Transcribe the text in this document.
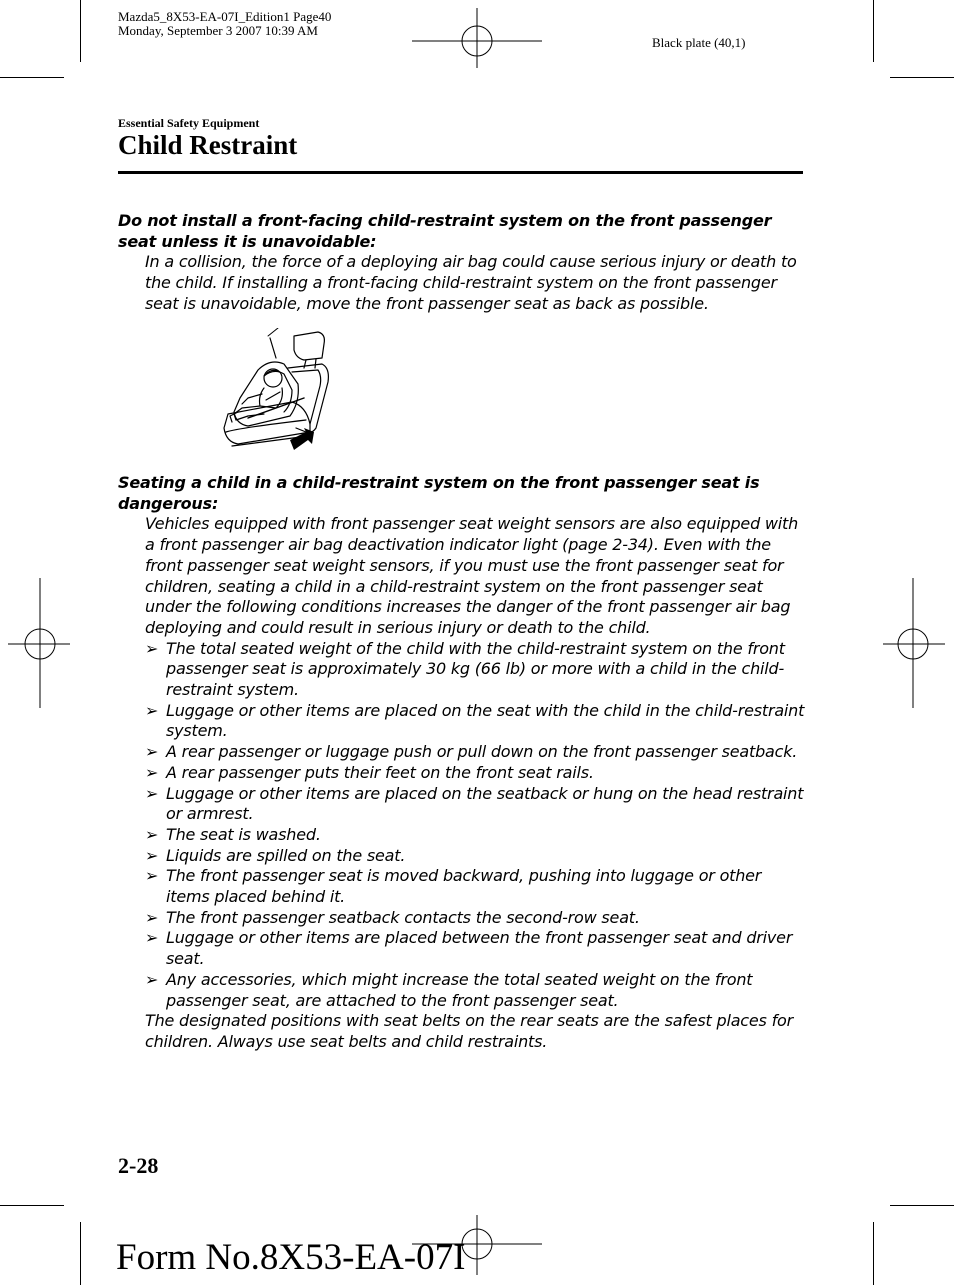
Mazda5_8X53-EA-07I_Edition1 Page40
Monday, September 3 2007 10:39 AM
Black plate (40,1)
Essential Safety Equipment
Child Restraint
Do not install a front-facing child-restraint system on the front passenger seat unless it is unavoidable:
In a collision, the force of a deploying air bag could cause serious injury or death to the child. If installing a front-facing child-restraint system on the front passenger seat is unavoidable, move the front passenger seat as back as possible.
Seating a child in a child-restraint system on the front passenger seat is dangerous:
Vehicles equipped with front passenger seat weight sensors are also equipped with a front passenger air bag deactivation indicator light (page 2-34). Even with the front passenger seat weight sensors, if you must use the front passenger seat for children, seating a child in a child-restraint system on the front passenger seat under the following conditions increases the danger of the front passenger air bag deploying and could result in serious injury or death to the child.
➢ The total seated weight of the child with the child-restraint system on the front passenger seat is approximately 30 kg (66 lb) or more with a child in the child-restraint system.
➢ Luggage or other items are placed on the seat with the child in the child-restraint system.
➢ A rear passenger or luggage push or pull down on the front passenger seatback.
➢ A rear passenger puts their feet on the front seat rails.
➢ Luggage or other items are placed on the seatback or hung on the head restraint or armrest.
➢ The seat is washed.
➢ Liquids are spilled on the seat.
➢ The front passenger seat is moved backward, pushing into luggage or other items placed behind it.
➢ The front passenger seatback contacts the second-row seat.
➢ Luggage or other items are placed between the front passenger seat and driver seat.
➢ Any accessories, which might increase the total seated weight on the front passenger seat, are attached to the front passenger seat.
The designated positions with seat belts on the rear seats are the safest places for children. Always use seat belts and child restraints.
2-28
Form No.8X53-EA-07I
